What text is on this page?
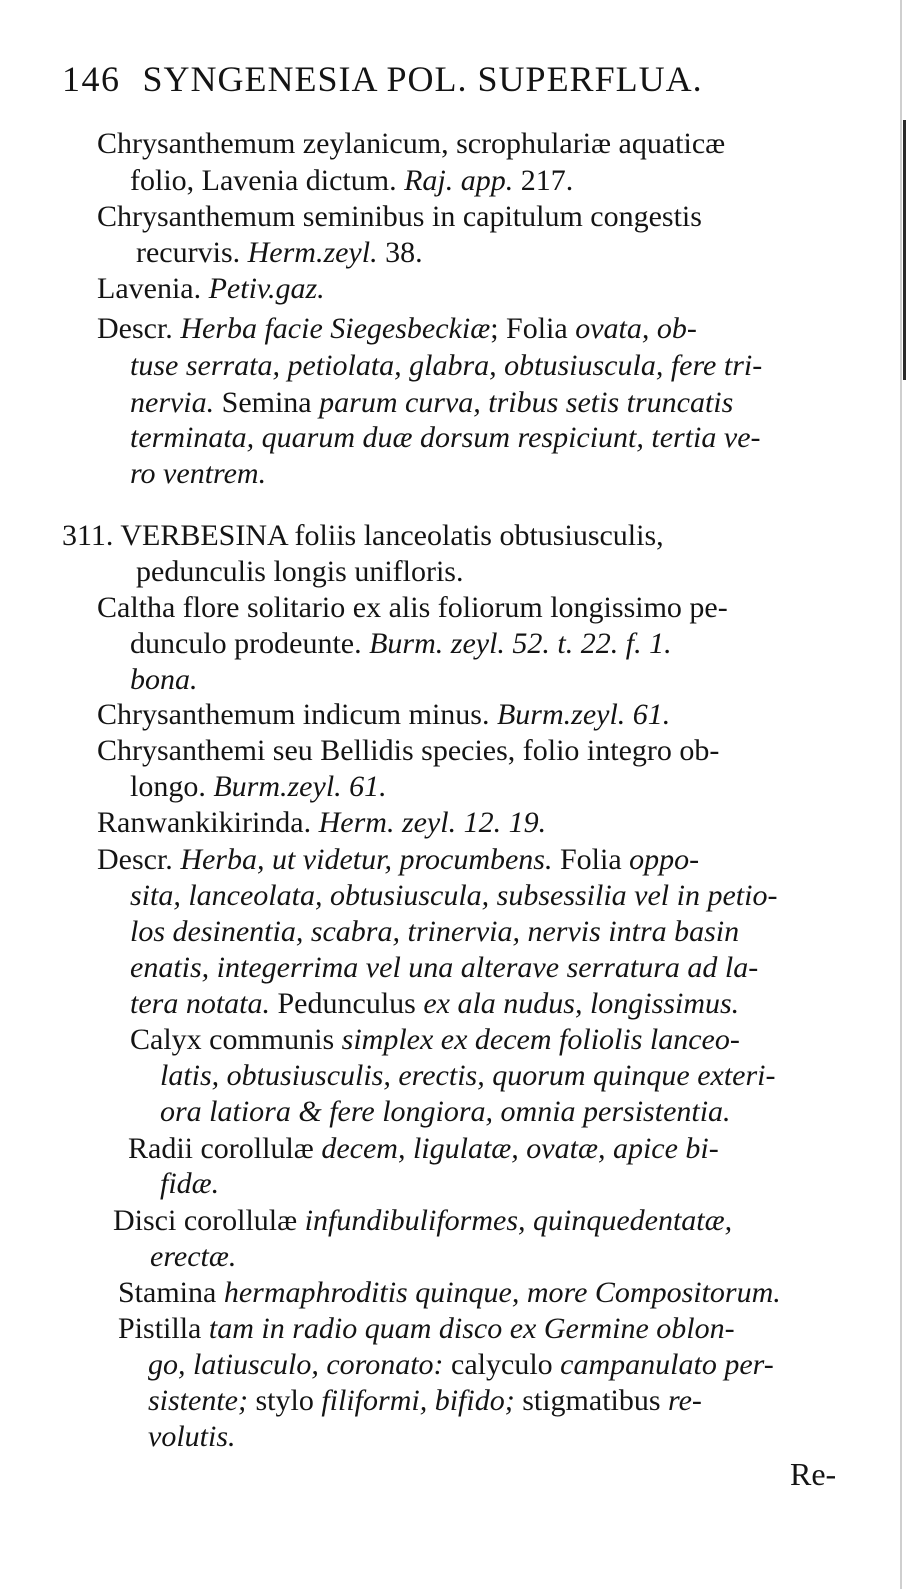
146 SYNGENESIA POL. SUPERFLUA.
Chrysanthemum zeylanicum, scrophulariæ aquaticæ
folio, Lavenia dictum. Raj. app. 217.
Chrysanthemum seminibus in capitulum congestis
recurvis. Herm.zeyl. 38.
Lavenia. Petiv.gaz.
Descr. Herba facie Siegesbeckiæ; Folia ovata, ob-
tuse serrata, petiolata, glabra, obtusiuscula, fere tri-
nervia. Semina parum curva, tribus setis truncatis
terminata, quarum duæ dorsum respiciunt, tertia ve-
ro ventrem.
311. VERBESINA foliis lanceolatis obtusiusculis,
pedunculis longis unifloris.
Caltha flore solitario ex alis foliorum longissimo pe-
dunculo prodeunte. Burm. zeyl. 52. t. 22. f. 1.
bona.
Chrysanthemum indicum minus. Burm.zeyl. 61.
Chrysanthemi seu Bellidis species, folio integro ob-
longo. Burm.zeyl. 61.
Ranwankikirinda. Herm. zeyl. 12. 19.
Descr. Herba, ut videtur, procumbens. Folia oppo-
sita, lanceolata, obtusiuscula, subsessilia vel in petio-
los desinentia, scabra, trinervia, nervis intra basin
enatis, integerrima vel una alterave serratura ad la-
tera notata. Pedunculus ex ala nudus, longissimus.
Calyx communis simplex ex decem foliolis lanceo-
latis, obtusiusculis, erectis, quorum quinque exteri-
ora latiora & fere longiora, omnia persistentia.
Radii corollulæ decem, ligulatæ, ovatæ, apice bi-
fidæ.
Disci corollulæ infundibuliformes, quinquedentatæ,
erectæ.
Stamina hermaphroditis quinque, more Compositorum.
Pistilla tam in radio quam disco ex Germine oblon-
go, latiusculo, coronato: calyculo campanulato per-
sistente; stylo filiformi, bifido; stigmatibus re-
volutis.
Re-
